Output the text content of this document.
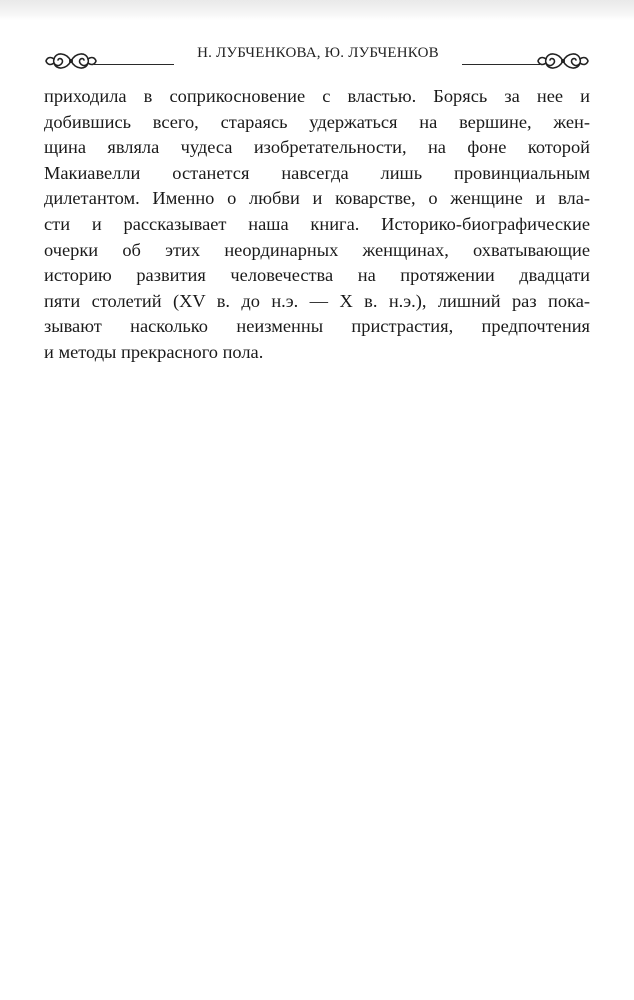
Н. ЛУБЧЕНКОВА, Ю. ЛУБЧЕНКОВ
приходила в соприкосновение с властью. Борясь за нее и
добившись всего, стараясь удержаться на вершине, жен-
щина являла чудеса изобретательности, на фоне которой
Макиавелли останется навсегда лишь провинциальным
дилетантом. Именно о любви и коварстве, о женщине и вла-
сти и рассказывает наша книга. Историко-биографические
очерки об этих неординарных женщинах, охватывающие
историю развития человечества на протяжении двадцати
пяти столетий (XV в. до н.э. — X в. н.э.), лишний раз пока-
зывают насколько неизменны пристрастия, предпочтения
и методы прекрасного пола.
